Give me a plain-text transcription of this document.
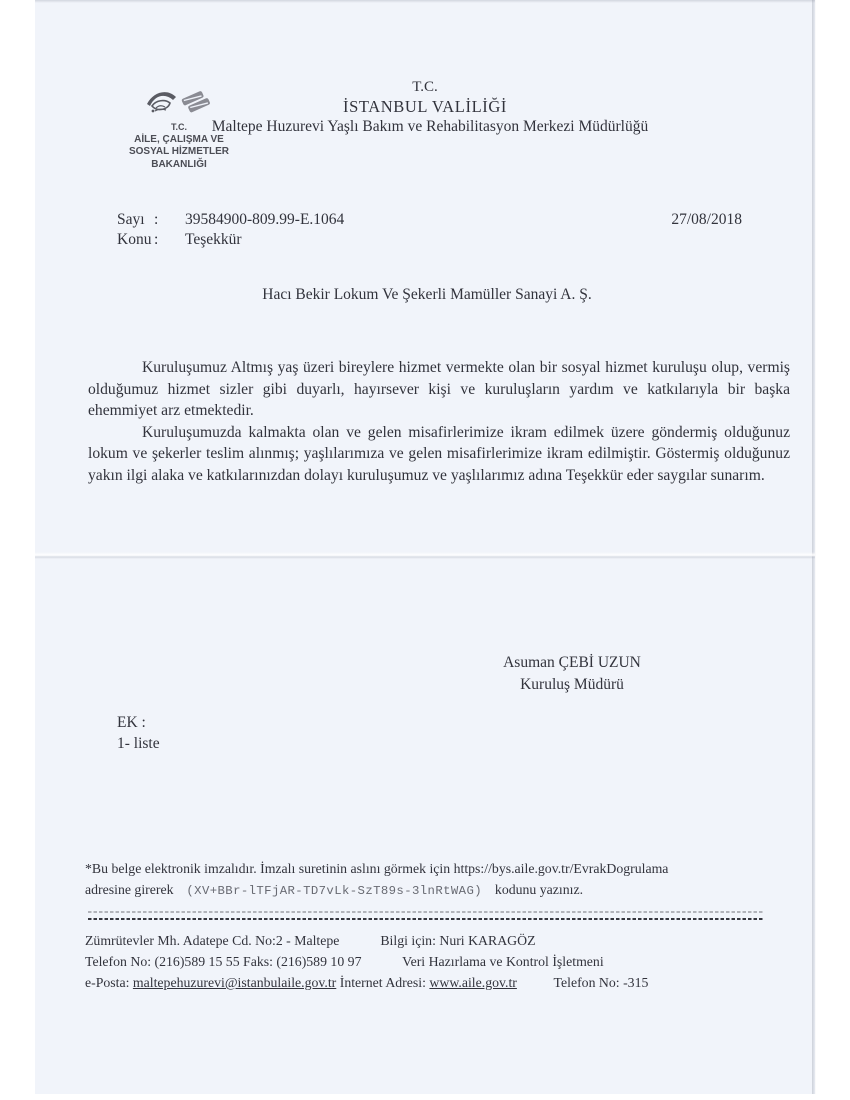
T.C.
AİLE, ÇALIŞMA VE
SOSYAL HİZMETLER
BAKANLIĞI
T.C.
İSTANBUL VALİLİĞİ
Maltepe Huzurevi Yaşlı Bakım ve Rehabilitasyon Merkezi Müdürlüğü
Sayı : 39584900-809.99-E.1064
Konu : Teşekkür
27/08/2018
Hacı Bekir Lokum Ve Şekerli Mamüller Sanayi A. Ş.

Kuruluşumuz Altmış yaş üzeri bireylere hizmet vermekte olan bir sosyal hizmet kuruluşu olup, vermiş olduğumuz hizmet sizler gibi duyarlı, hayırsever kişi ve kuruluşların yardım ve katkılarıyla bir başka ehemmiyet arz etmektedir.

Kuruluşumuzda kalmakta olan ve gelen misafirlerimize ikram edilmek üzere göndermiş olduğunuz lokum ve şekerler teslim alınmış; yaşlılarımıza ve gelen misafirlerimize ikram edilmiştir. Göstermiş olduğunuz yakın ilgi alaka ve katkılarınızdan dolayı kuruluşumuz ve yaşlılarımız adına Teşekkür eder saygılar sunarım.

Asuman ÇEBİ UZUN
Kuruluş Müdürü
EK :
1- liste
*Bu belge elektronik imzalıdır. İmzalı suretinin aslını görmek için https://bys.aile.gov.tr/EvrakDogrulama
adresine girerek (XV+BBr-lTFjAR-TD7vLk-SzT89s-3lnRtWAG) kodunu yazınız.
Zümrütevler Mh. Adatepe Cd. No:2 - Maltepe	Bilgi için: Nuri KARAGÖZ
Telefon No: (216)589 15 55 Faks: (216)589 10 97	Veri Hazırlama ve Kontrol İşletmeni
e-Posta: maltepehuzurevi@istanbulaile.gov.tr İnternet Adresi: www.aile.gov.tr	Telefon No: -315
